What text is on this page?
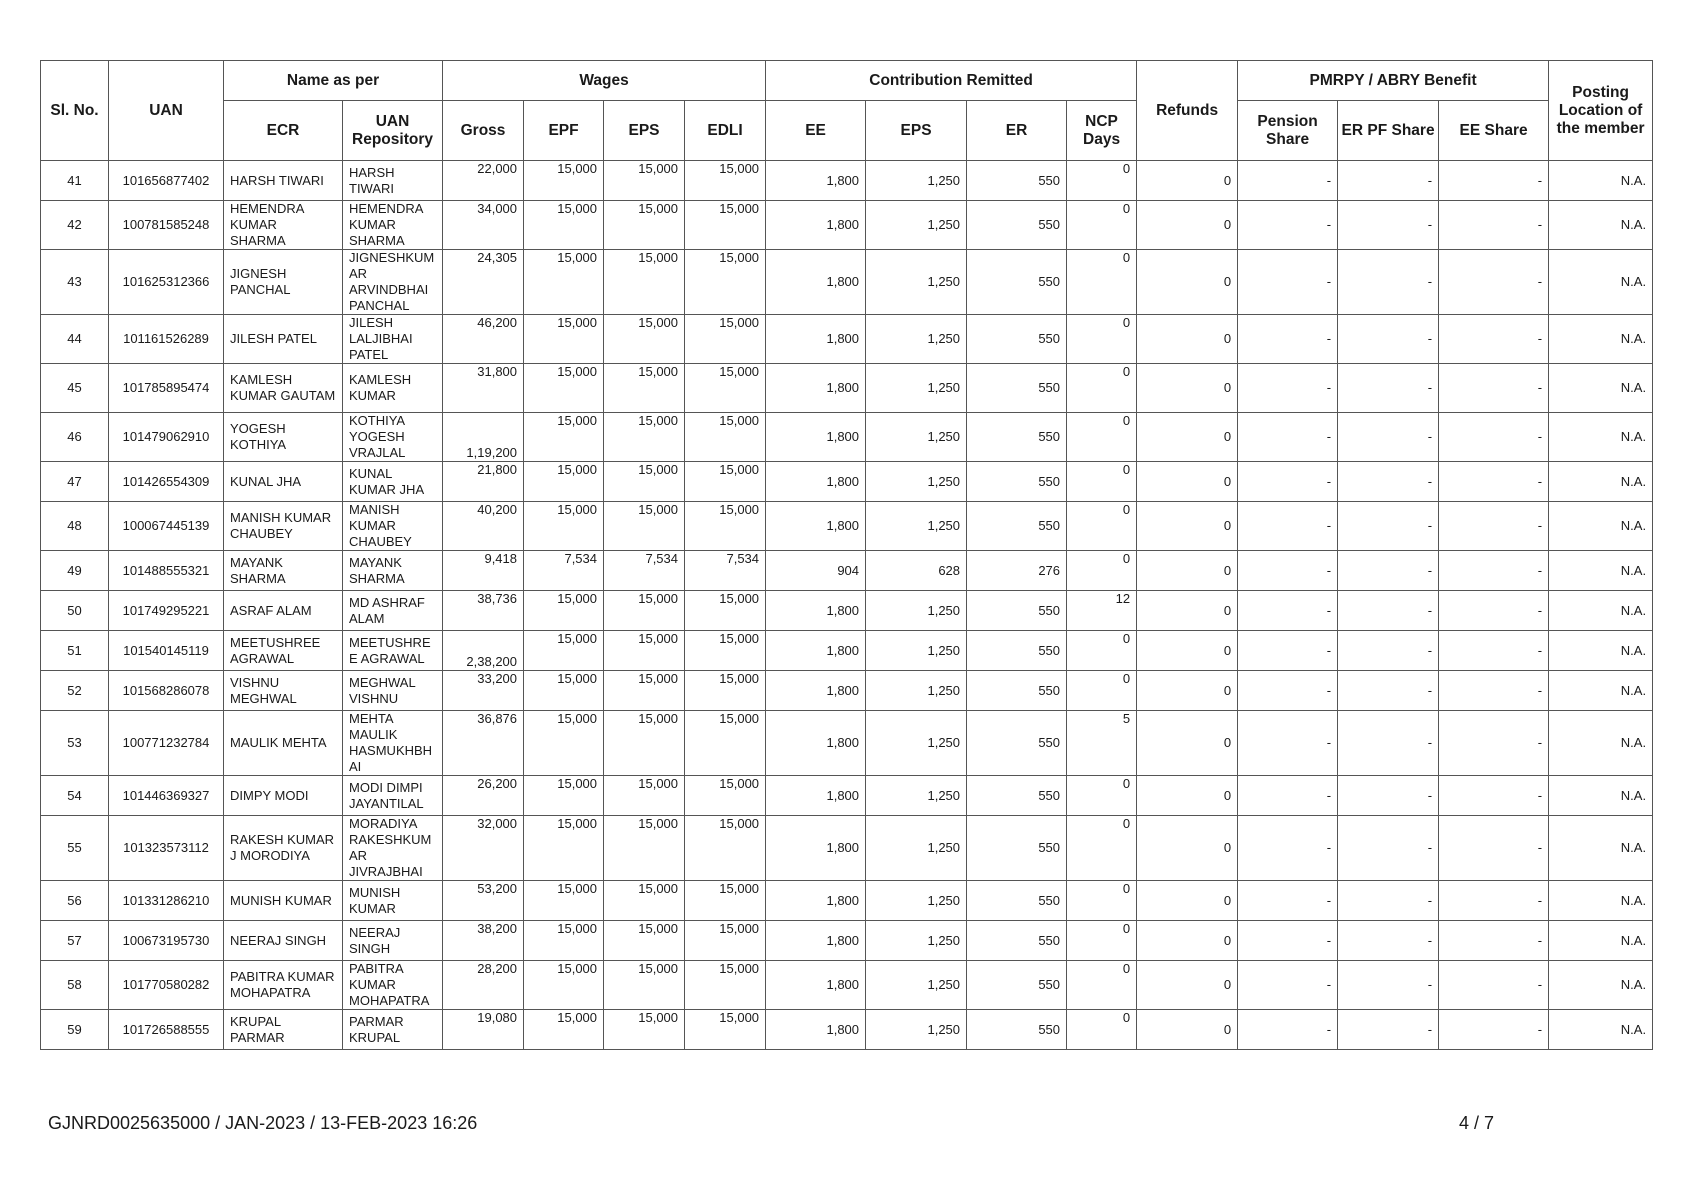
Sl. No.	UAN	Name as per		Wages				Contribution Remitted				Refunds	PMRPY / ABRY Benefit			Posting Location of the member
		ECR	UAN Repository	Gross	EPF	EPS	EDLI	EE	EPS	ER	NCP Days		Pension Share	ER PF Share	EE Share	
41	101656877402	HARSH TIWARI	HARSH TIWARI	22,000	15,000	15,000	15,000	1,800	1,250	550	0	0	-	-	-	N.A.
42	100781585248	HEMENDRA KUMAR SHARMA	HEMENDRA KUMAR SHARMA	34,000	15,000	15,000	15,000	1,800	1,250	550	0	0	-	-	-	N.A.
43	101625312366	JIGNESH PANCHAL	JIGNESHKUMAR ARVINDBHAI PANCHAL	24,305	15,000	15,000	15,000	1,800	1,250	550	0	0	-	-	-	N.A.
44	101161526289	JILESH PATEL	JILESH LALJIBHAI PATEL	46,200	15,000	15,000	15,000	1,800	1,250	550	0	0	-	-	-	N.A.
45	101785895474	KAMLESH KUMAR GAUTAM	KAMLESH KUMAR	31,800	15,000	15,000	15,000	1,800	1,250	550	0	0	-	-	-	N.A.
46	101479062910	YOGESH KOTHIYA	KOTHIYA YOGESH VRAJLAL	1,19,200	15,000	15,000	15,000	1,800	1,250	550	0	0	-	-	-	N.A.
47	101426554309	KUNAL JHA	KUNAL KUMAR JHA	21,800	15,000	15,000	15,000	1,800	1,250	550	0	0	-	-	-	N.A.
48	100067445139	MANISH KUMAR CHAUBEY	MANISH KUMAR CHAUBEY	40,200	15,000	15,000	15,000	1,800	1,250	550	0	0	-	-	-	N.A.
49	101488555321	MAYANK SHARMA	MAYANK SHARMA	9,418	7,534	7,534	7,534	904	628	276	0	0	-	-	-	N.A.
50	101749295221	ASRAF ALAM	MD ASHRAF ALAM	38,736	15,000	15,000	15,000	1,800	1,250	550	12	0	-	-	-	N.A.
51	101540145119	MEETUSHREE AGRAWAL	MEETUSHREE AGRAWAL	2,38,200	15,000	15,000	15,000	1,800	1,250	550	0	0	-	-	-	N.A.
52	101568286078	VISHNU MEGHWAL	MEGHWAL VISHNU	33,200	15,000	15,000	15,000	1,800	1,250	550	0	0	-	-	-	N.A.
53	100771232784	MAULIK MEHTA	MEHTA MAULIK HASMUKHBHAI	36,876	15,000	15,000	15,000	1,800	1,250	550	5	0	-	-	-	N.A.
54	101446369327	DIMPY MODI	MODI DIMPI JAYANTILAL	26,200	15,000	15,000	15,000	1,800	1,250	550	0	0	-	-	-	N.A.
55	101323573112	RAKESH KUMAR J MORODIYA	MORADIYA RAKESHKUMAR JIVRAJBHAI	32,000	15,000	15,000	15,000	1,800	1,250	550	0	0	-	-	-	N.A.
56	101331286210	MUNISH KUMAR	MUNISH KUMAR	53,200	15,000	15,000	15,000	1,800	1,250	550	0	0	-	-	-	N.A.
57	100673195730	NEERAJ SINGH	NEERAJ SINGH	38,200	15,000	15,000	15,000	1,800	1,250	550	0	0	-	-	-	N.A.
58	101770580282	PABITRA KUMAR MOHAPATRA	PABITRA KUMAR MOHAPATRA	28,200	15,000	15,000	15,000	1,800	1,250	550	0	0	-	-	-	N.A.
59	101726588555	KRUPAL PARMAR	PARMAR KRUPAL	19,080	15,000	15,000	15,000	1,800	1,250	550	0	0	-	-	-	N.A.
GJNRD0025635000 / JAN-2023 / 13-FEB-2023 16:26	4 / 7
